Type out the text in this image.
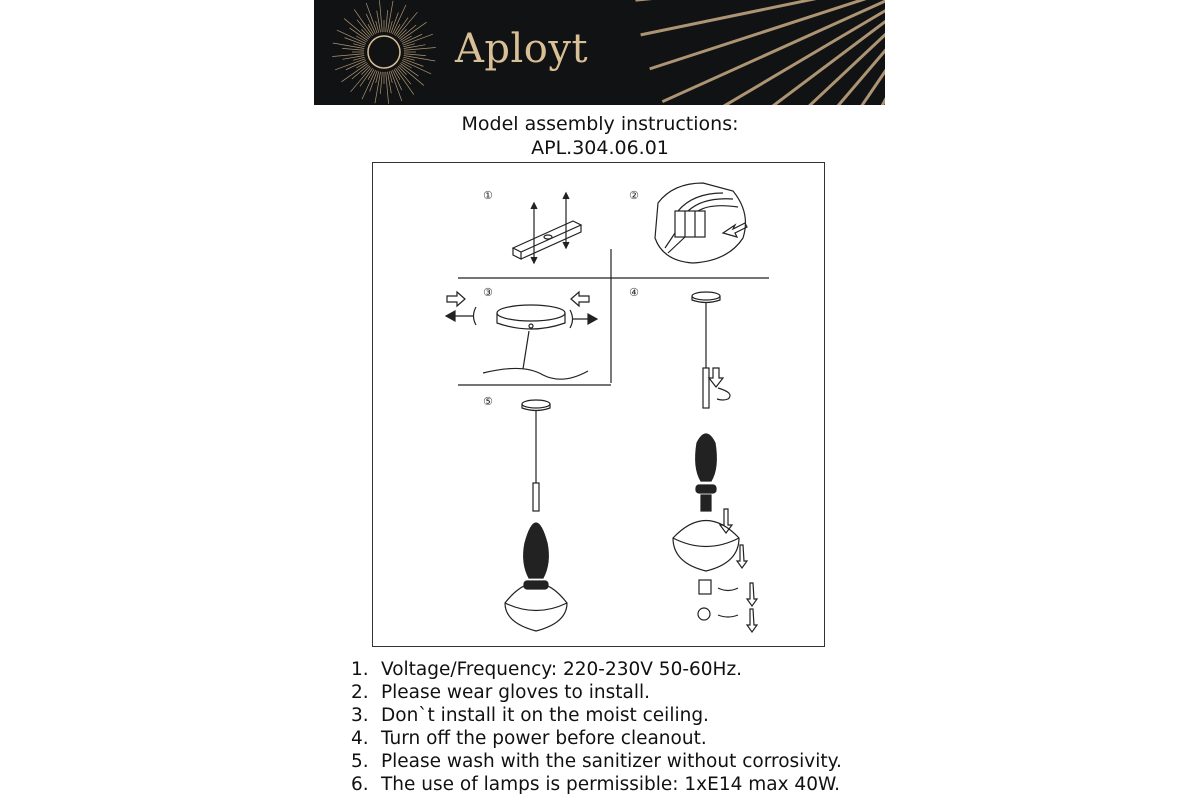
Aployt
Model assembly instructions:
APL.304.06.01
①	②
③	④
⑤
1. Voltage/Frequency: 220-230V 50-60Hz.
2. Please wear gloves to install.
3. Don`t install it on the moist ceiling.
4. Turn off the power before cleanout.
5. Please wash with the sanitizer without corrosivity.
6. The use of lamps is permissible: 1xE14 max 40W.
